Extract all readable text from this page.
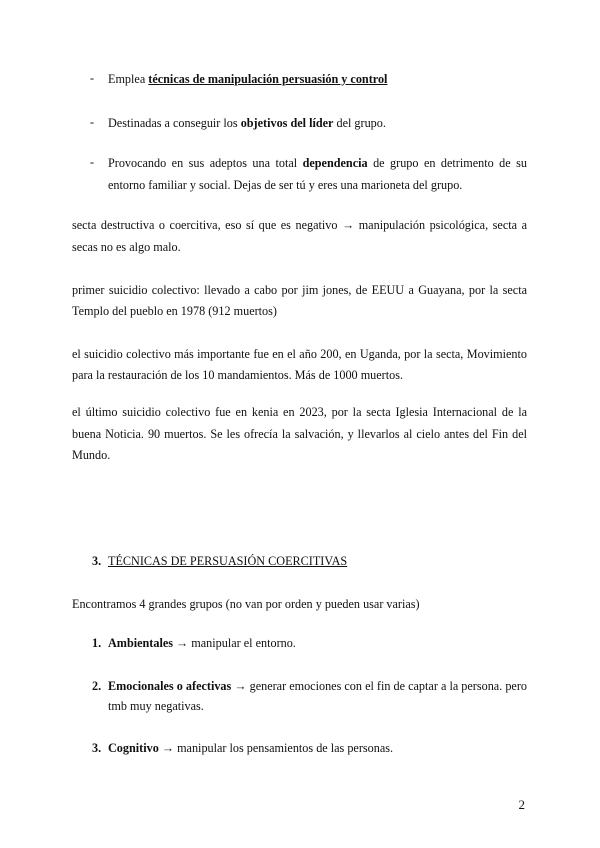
- Emplea técnicas de manipulación persuasión y control
- Destinadas a conseguir los objetivos del líder del grupo.
- Provocando en sus adeptos una total dependencia de grupo en detrimento de su
entorno familiar y social. Dejas de ser tú y eres una marioneta del grupo.
secta destructiva o coercitiva, eso sí que es negativo → manipulación psicológica, secta a
secas no es algo malo.
primer suicidio colectivo: llevado a cabo por jim jones, de EEUU a Guayana, por la secta
Templo del pueblo en 1978 (912 muertos)
el suicidio colectivo más importante fue en el año 200, en Uganda, por la secta, Movimiento
para la restauración de los 10 mandamientos. Más de 1000 muertos.
el último suicidio colectivo fue en kenia en 2023, por la secta Iglesia Internacional de la
buena Noticia. 90 muertos. Se les ofrecía la salvación, y llevarlos al cielo antes del Fin del
Mundo.
3. TÉCNICAS DE PERSUASIÓN COERCITIVAS
Encontramos 4 grandes grupos (no van por orden y pueden usar varias)
1. Ambientales → manipular el entorno.
2. Emocionales o afectivas → generar emociones con el fin de captar a la persona. pero
tmb muy negativas.
3. Cognitivo → manipular los pensamientos de las personas.
2
